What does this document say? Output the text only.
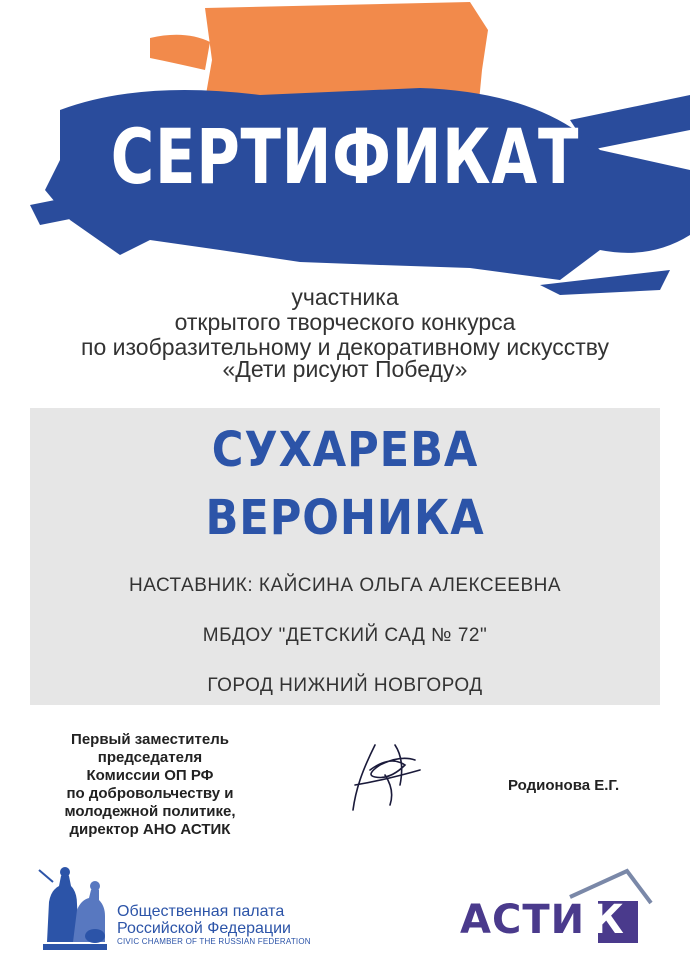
СЕРТИФИКАТ
участника
открытого творческого конкурса
по изобразительному и декоративному искусству
«Дети рисуют Победу»
СУХАРЕВА
ВЕРОНИКА
НАСТАВНИК: КАЙСИНА ОЛЬГА АЛЕКСЕЕВНА
МБДОУ "ДЕТСКИЙ САД № 72"
ГОРОД НИЖНИЙ НОВГОРОД
Первый заместитель
председателя
Комиссии ОП РФ
по добровольчеству и
молодежной политике,
директор АНО АСТИК
Родионова Е.Г.
Общественная палата
Российской Федерации
CIVIC CHAMBER OF THE RUSSIAN FEDERATION	АСТИ К
